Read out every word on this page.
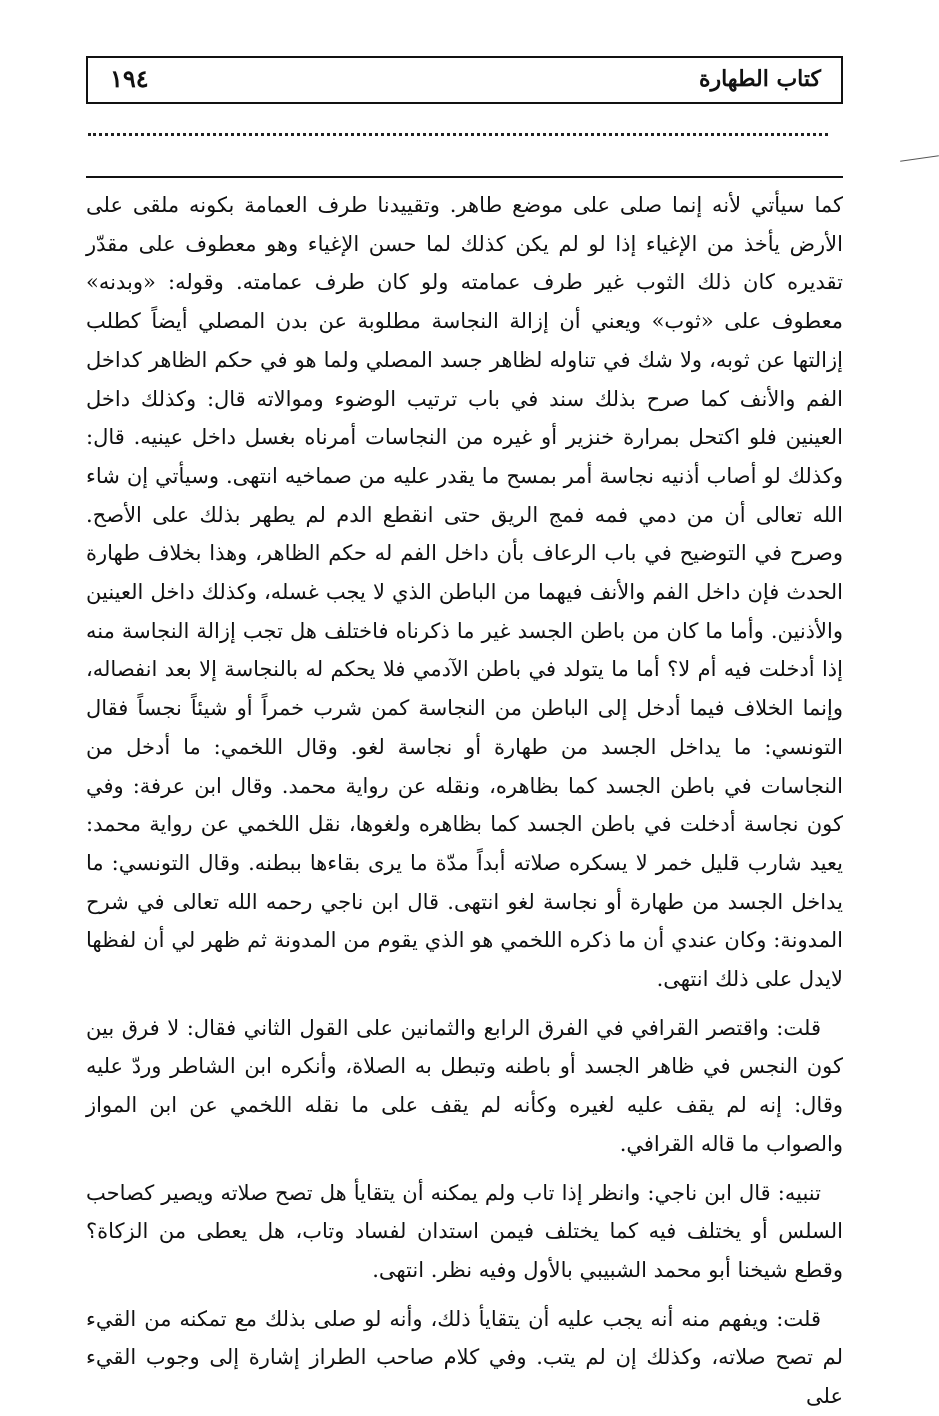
كتاب الطهارة
١٩٤

كما سيأتي لأنه إنما صلى على موضع طاهر. وتقييدنا طرف العمامة بكونه ملقى على الأرض يأخذ من الإغياء إذا لو لم يكن كذلك لما حسن الإغياء وهو معطوف على مقدّر تقديره كان ذلك الثوب غير طرف عمامته ولو كان طرف عمامته. وقوله: «وبدنه» معطوف على «ثوب» ويعني أن إزالة النجاسة مطلوبة عن بدن المصلي أيضاً كطلب إزالتها عن ثوبه، ولا شك في تناوله لظاهر جسد المصلي ولما هو في حكم الظاهر كداخل الفم والأنف كما صرح بذلك سند في باب ترتيب الوضوء وموالاته قال: وكذلك داخل العينين فلو اكتحل بمرارة خنزير أو غيره من النجاسات أمرناه بغسل داخل عينيه. قال: وكذلك لو أصاب أذنيه نجاسة أمر بمسح ما يقدر عليه من صماخيه انتهى. وسيأتي إن شاء الله تعالى أن من دمي فمه فمج الريق حتى انقطع الدم لم يطهر بذلك على الأصح. وصرح في التوضيح في باب الرعاف بأن داخل الفم له حكم الظاهر، وهذا بخلاف طهارة الحدث فإن داخل الفم والأنف فيهما من الباطن الذي لا يجب غسله، وكذلك داخل العينين والأذنين. وأما ما كان من باطن الجسد غير ما ذكرناه فاختلف هل تجب إزالة النجاسة منه إذا أدخلت فيه أم لا؟ أما ما يتولد في باطن الآدمي فلا يحكم له بالنجاسة إلا بعد انفصاله، وإنما الخلاف فيما أدخل إلى الباطن من النجاسة كمن شرب خمراً أو شيئاً نجساً فقال التونسي: ما يداخل الجسد من طهارة أو نجاسة لغو. وقال اللخمي: ما أدخل من النجاسات في باطن الجسد كما بظاهره، ونقله عن رواية محمد. وقال ابن عرفة: وفي كون نجاسة أدخلت في باطن الجسد كما بظاهره ولغوها، نقل اللخمي عن رواية محمد: يعيد شارب قليل خمر لا يسكره صلاته أبداً مدّة ما يرى بقاءها ببطنه. وقال التونسي: ما يداخل الجسد من طهارة أو نجاسة لغو انتهى. قال ابن ناجي رحمه الله تعالى في شرح المدونة: وكان عندي أن ما ذكره اللخمي هو الذي يقوم من المدونة ثم ظهر لي أن لفظها لايدل على ذلك انتهى.

قلت: واقتصر القرافي في الفرق الرابع والثمانين على القول الثاني فقال: لا فرق بين كون النجس في ظاهر الجسد أو باطنه وتبطل به الصلاة، وأنكره ابن الشاطر وردّ عليه وقال: إنه لم يقف عليه لغيره وكأنه لم يقف على ما نقله اللخمي عن ابن المواز والصواب ما قاله القرافي.

تنبيه: قال ابن ناجي: وانظر إذا تاب ولم يمكنه أن يتقايأ هل تصح صلاته ويصير كصاحب السلس أو يختلف فيه كما يختلف فيمن استدان لفساد وتاب، هل يعطى من الزكاة؟ وقطع شيخنا أبو محمد الشبيبي بالأول وفيه نظر. انتهى.

قلت: ويفهم منه أنه يجب عليه أن يتقايأ ذلك، وأنه لو صلى بذلك مع تمكنه من القيء لم تصح صلاته، وكذلك إن لم يتب. وفي كلام صاحب الطراز إشارة إلى وجوب القيء على
